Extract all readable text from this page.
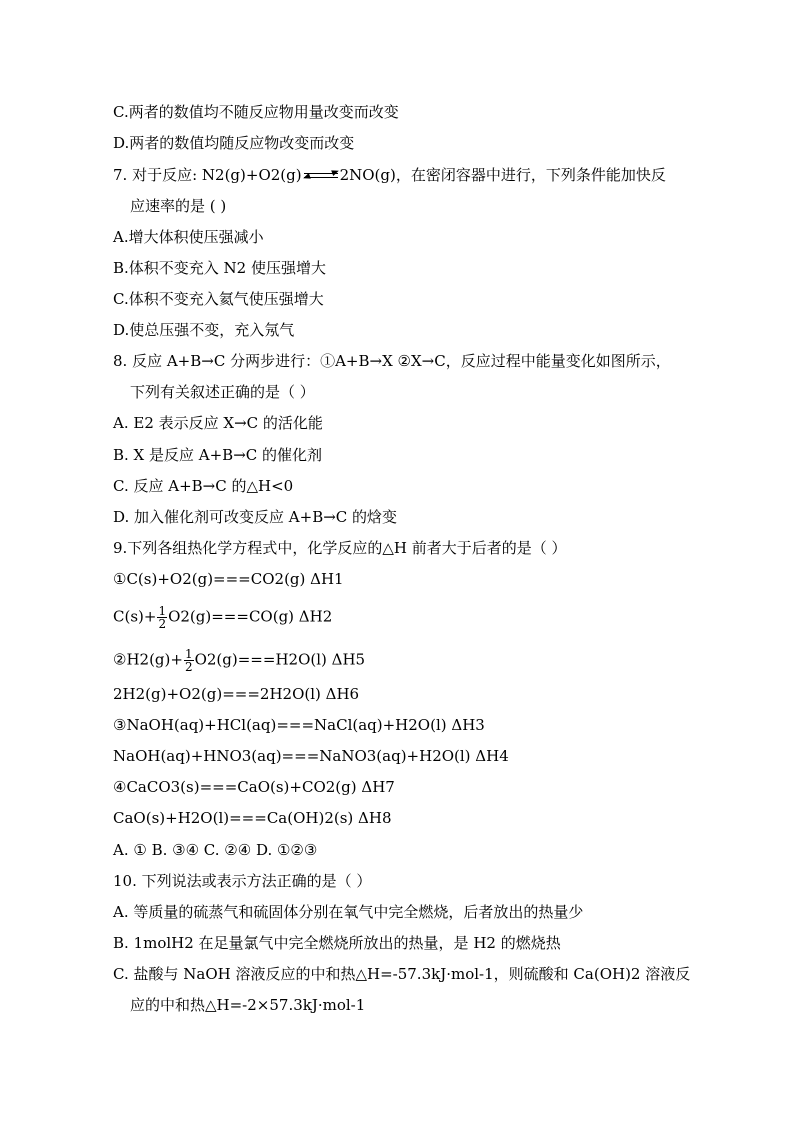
C.两者的数值均不随反应物用量改变而改变
D.两者的数值均随反应物改变而改变
7. 对于反应: N2(g)+O2(g)	2NO(g)，在密闭容器中进行，下列条件能加快反
应速率的是 ( )
A.增大体积使压强减小
B.体积不变充入 N2 使压强增大
C.体积不变充入氦气使压强增大
D.使总压强不变，充入氖气
8. 反应 A+B→C 分两步进行：①A+B→X ②X→C，反应过程中能量变化如图所示，
下列有关叙述正确的是（ ）
A. E2 表示反应 X→C 的活化能
B. X 是反应 A+B→C 的催化剂
C. 反应 A+B→C 的△H<0
D. 加入催化剂可改变反应 A+B→C 的焓变
9.下列各组热化学方程式中，化学反应的△H 前者大于后者的是（ ）
①C(s)+O2(g)===CO2(g) ΔH1
$C(s)+ \frac{1}{2} O2(g)===CO(g)$ ΔH2
②H2(g)+ $\frac{1}{2} O2(g)===H2O(l)$ ΔH5
2H2(g)+O2(g)===2H2O(l) ΔH6
③NaOH(aq)+HCl(aq)===NaCl(aq)+H2O(l) ΔH3
NaOH(aq)+HNO3(aq)===NaNO3(aq)+H2O(l) ΔH4
④CaCO3(s)===CaO(s)+CO2(g) ΔH7
CaO(s)+H2O(l)===Ca(OH)2(s) ΔH8
A. ① B. ③④ C. ②④ D. ①②③
10. 下列说法或表示方法正确的是（ ）
A. 等质量的硫蒸气和硫固体分别在氧气中完全燃烧，后者放出的热量少
B. 1molH2 在足量氯气中完全燃烧所放出的热量，是 H2 的燃烧热
C. 盐酸与 NaOH 溶液反应的中和热△H=-57.3kJ·mol-1，则硫酸和 Ca(OH)2 溶液反
应的中和热△H=-2×57.3kJ·mol-1
